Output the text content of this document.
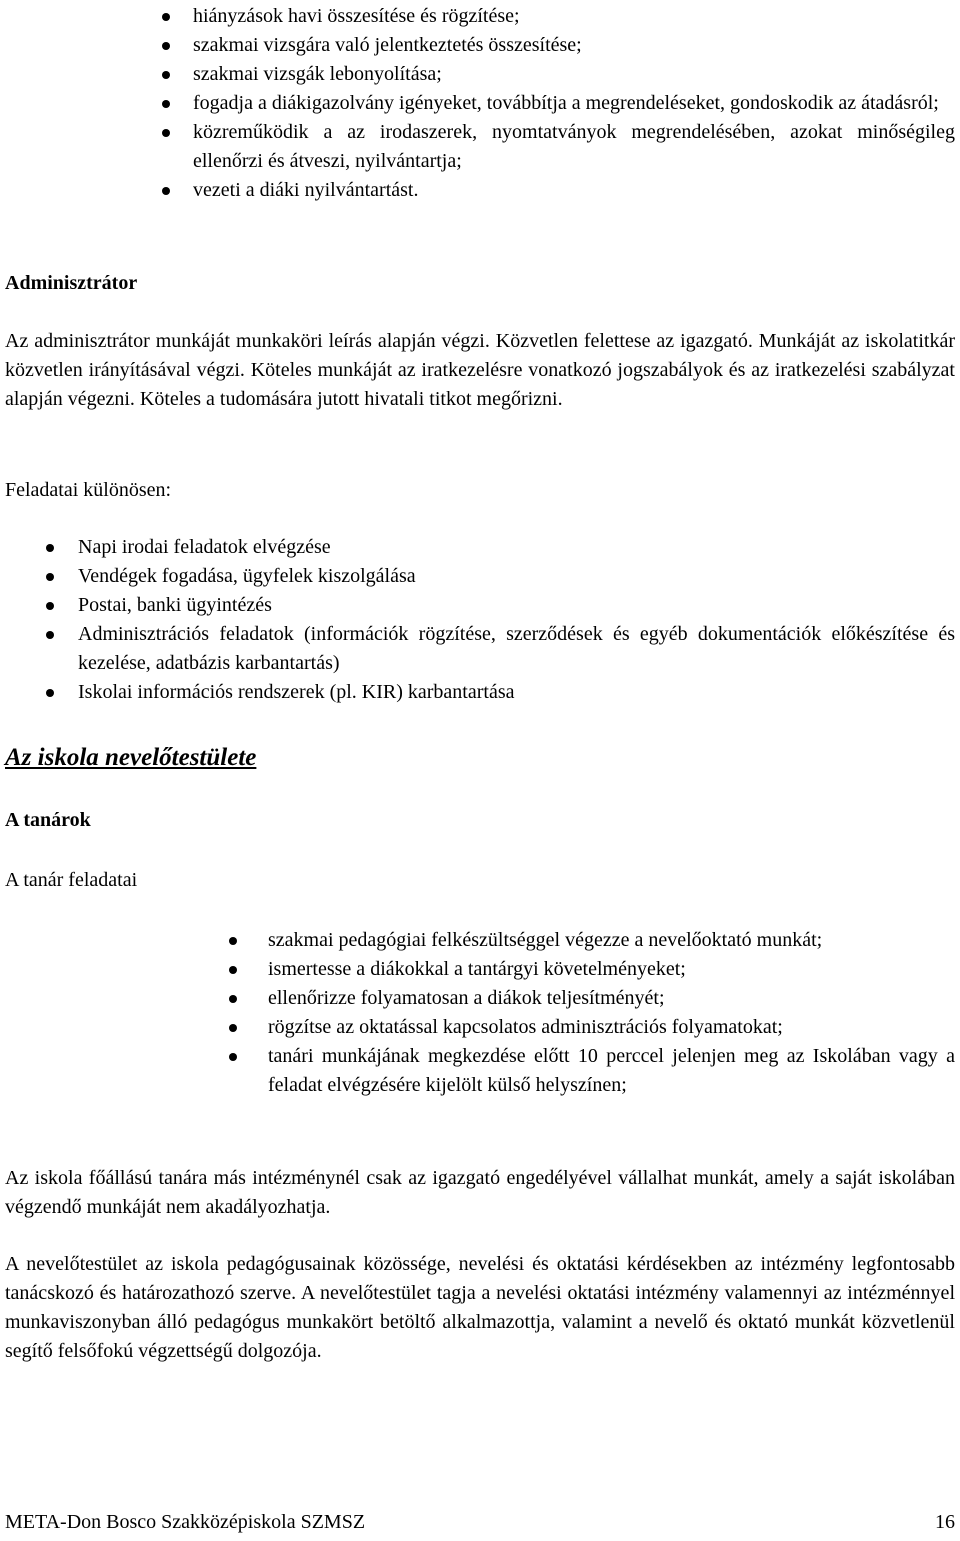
hiányzások havi összesítése és rögzítése;
szakmai vizsgára való jelentkeztetés összesítése;
szakmai vizsgák lebonyolítása;
fogadja a diákigazolvány igényeket, továbbítja a megrendeléseket, gondoskodik az átadásról;
közreműködik a az irodaszerek, nyomtatványok megrendelésében, azokat minőségileg ellenőrzi és átveszi, nyilvántartja;
vezeti a diáki nyilvántartást.
Adminisztrátor

Az adminisztrátor munkáját munkaköri leírás alapján végzi. Közvetlen felettese az igazgató. Munkáját az iskolatitkár közvetlen irányításával végzi. Köteles munkáját az iratkezelésre vonatkozó jogszabályok és az iratkezelési szabályzat alapján végezni. Köteles a tudomására jutott hivatali titkot megőrizni.

Feladatai különösen:
Napi irodai feladatok elvégzése
Vendégek fogadása, ügyfelek kiszolgálása
Postai, banki ügyintézés
Adminisztrációs feladatok (információk rögzítése, szerződések és egyéb dokumentációk előkészítése és kezelése, adatbázis karbantartás)
Iskolai információs rendszerek (pl. KIR) karbantartása
Az iskola nevelőtestülete
A tanárok
A tanár feladatai
szakmai pedagógiai felkészültséggel végezze a nevelőoktató munkát;
ismertesse a diákokkal a tantárgyi követelményeket;
ellenőrizze folyamatosan a diákok teljesítményét;
rögzítse az oktatással kapcsolatos adminisztrációs folyamatokat;
tanári munkájának megkezdése előtt 10 perccel jelenjen meg az Iskolában vagy a feladat elvégzésére kijelölt külső helyszínen;

Az iskola főállású tanára más intézménynél csak az igazgató engedélyével vállalhat munkát, amely a saját iskolában végzendő munkáját nem akadályozhatja.

A nevelőtestület az iskola pedagógusainak közössége, nevelési és oktatási kérdésekben az intézmény legfontosabb tanácskozó és határozathozó szerve. A nevelőtestület tagja a nevelési oktatási intézmény valamennyi az intézménnyel munkaviszonyban álló pedagógus munkakört betöltő alkalmazottja, valamint a nevelő és oktató munkát közvetlenül segítő felsőfokú végzettségű dolgozója.

META-Don Bosco Szakközépiskola SZMSZ	16
